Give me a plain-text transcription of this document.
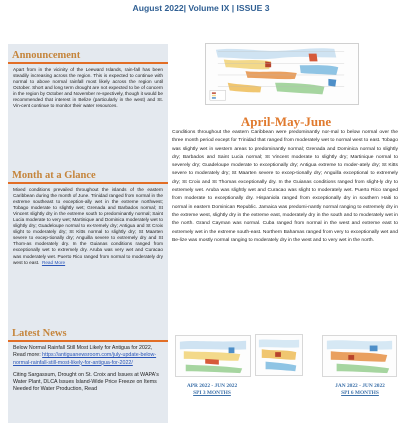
August 2022| Volume IX | ISSUE 3
Announcement
Apart from in the vicinity of the Leeward Islands, rain-fall has been steadily increasing across the region. This is expected to continue with normal to above normal rainfall most likely across the region until October. Short and long term drought are not expected to be of concern in the region by October and November re-spectively, though it would be recommended that interest in Belize (particularly in the west) and St. Vin-cent continue to monitor their water resources.
Month at a Glance
Mixed conditions prevailed throughout the islands of the eastern Caribbean during the month of June. Trinidad ranged from normal in the extreme southeast to exception-ally wet in the extreme northwest; Tobago moderate to slightly wet; Grenada and Barbados normal; St Vincent slightly dry in the extreme south to predominantly normal; Saint Lucia moderate to very wet; Martinique and Dominica moderately wet to slightly dry; Guadeloupe normal to ex-tremely dry; Antigua and St Croix slight to moderately dry; St Kitts normal to slightly dry; St Maarten severe to excep-tionally dry; Anguilla severe to extremely dry and St Thom-as moderately dry. In the Guianas conditions ranged from exceptionally wet to extremely dry. Aruba was very wet and Curacao was moderately wet. Puerto Rico ranged from normal to moderately dry west to east. Read More
Latest News
Below Normal Rainfall Still Most Likely for Antigua for 2022, Read more: https://antiguanewsroom.com/july-update-below-normal-rainfall-still-most-likely-for-antigua-for-2022/
Citing Sargassum, Drought on St. Croix and Issues at WAPA's Water Plant, DLCA Issues Island-Wide Price Freeze on Items Needed for Water Production, Read
April-May-June
Conditions throughout the eastern Caribbean were predominantly nor-mal to below normal over the three month period except for Trinidad that ranged from moderately wet to normal west to east. Tobago was slightly wet in western areas to predominantly normal; Grenada and Dominica normal to slightly dry; Barbados and Saint Lucia normal; St Vincent moderate to slightly dry; Martinique normal to severely dry; Guadeloupe moderate to exceptionally dry; Antigua extreme to moder-ately dry; St Kitts severe to moderately dry; St Maarten severe to excep-tionally dry; Anguilla exceptional to extremely dry; St Croix and St Thomas exceptionally dry. In the Guianas conditions ranged from slight-ly dry to extremely wet. Aruba was slightly wet and Curacao was slight to moderately wet. Puerto Rico ranged from moderate to exceptionally dry. Hispaniola ranged from exceptionally dry in southern Haiti to normal in eastern Dominican Republic. Jamaica was predomi-nantly normal ranging to extremely dry in the extreme west, slightly dry in the extreme east, moderately dry in the south and to moderately wet in the north. Grand Cayman was normal. Cuba ranged from normal in the west and extreme east to extremely wet in the extreme south-east. Northern Bahamas ranged from very to exceptionally wet and Be-lize was mostly normal ranging to moderately dry in the west and to very wet in the north.
APR 2022 - JUN 2022
SPI 3 MONTHS
JAN 2022 - JUN 2022
SPI 6 MONTHS
